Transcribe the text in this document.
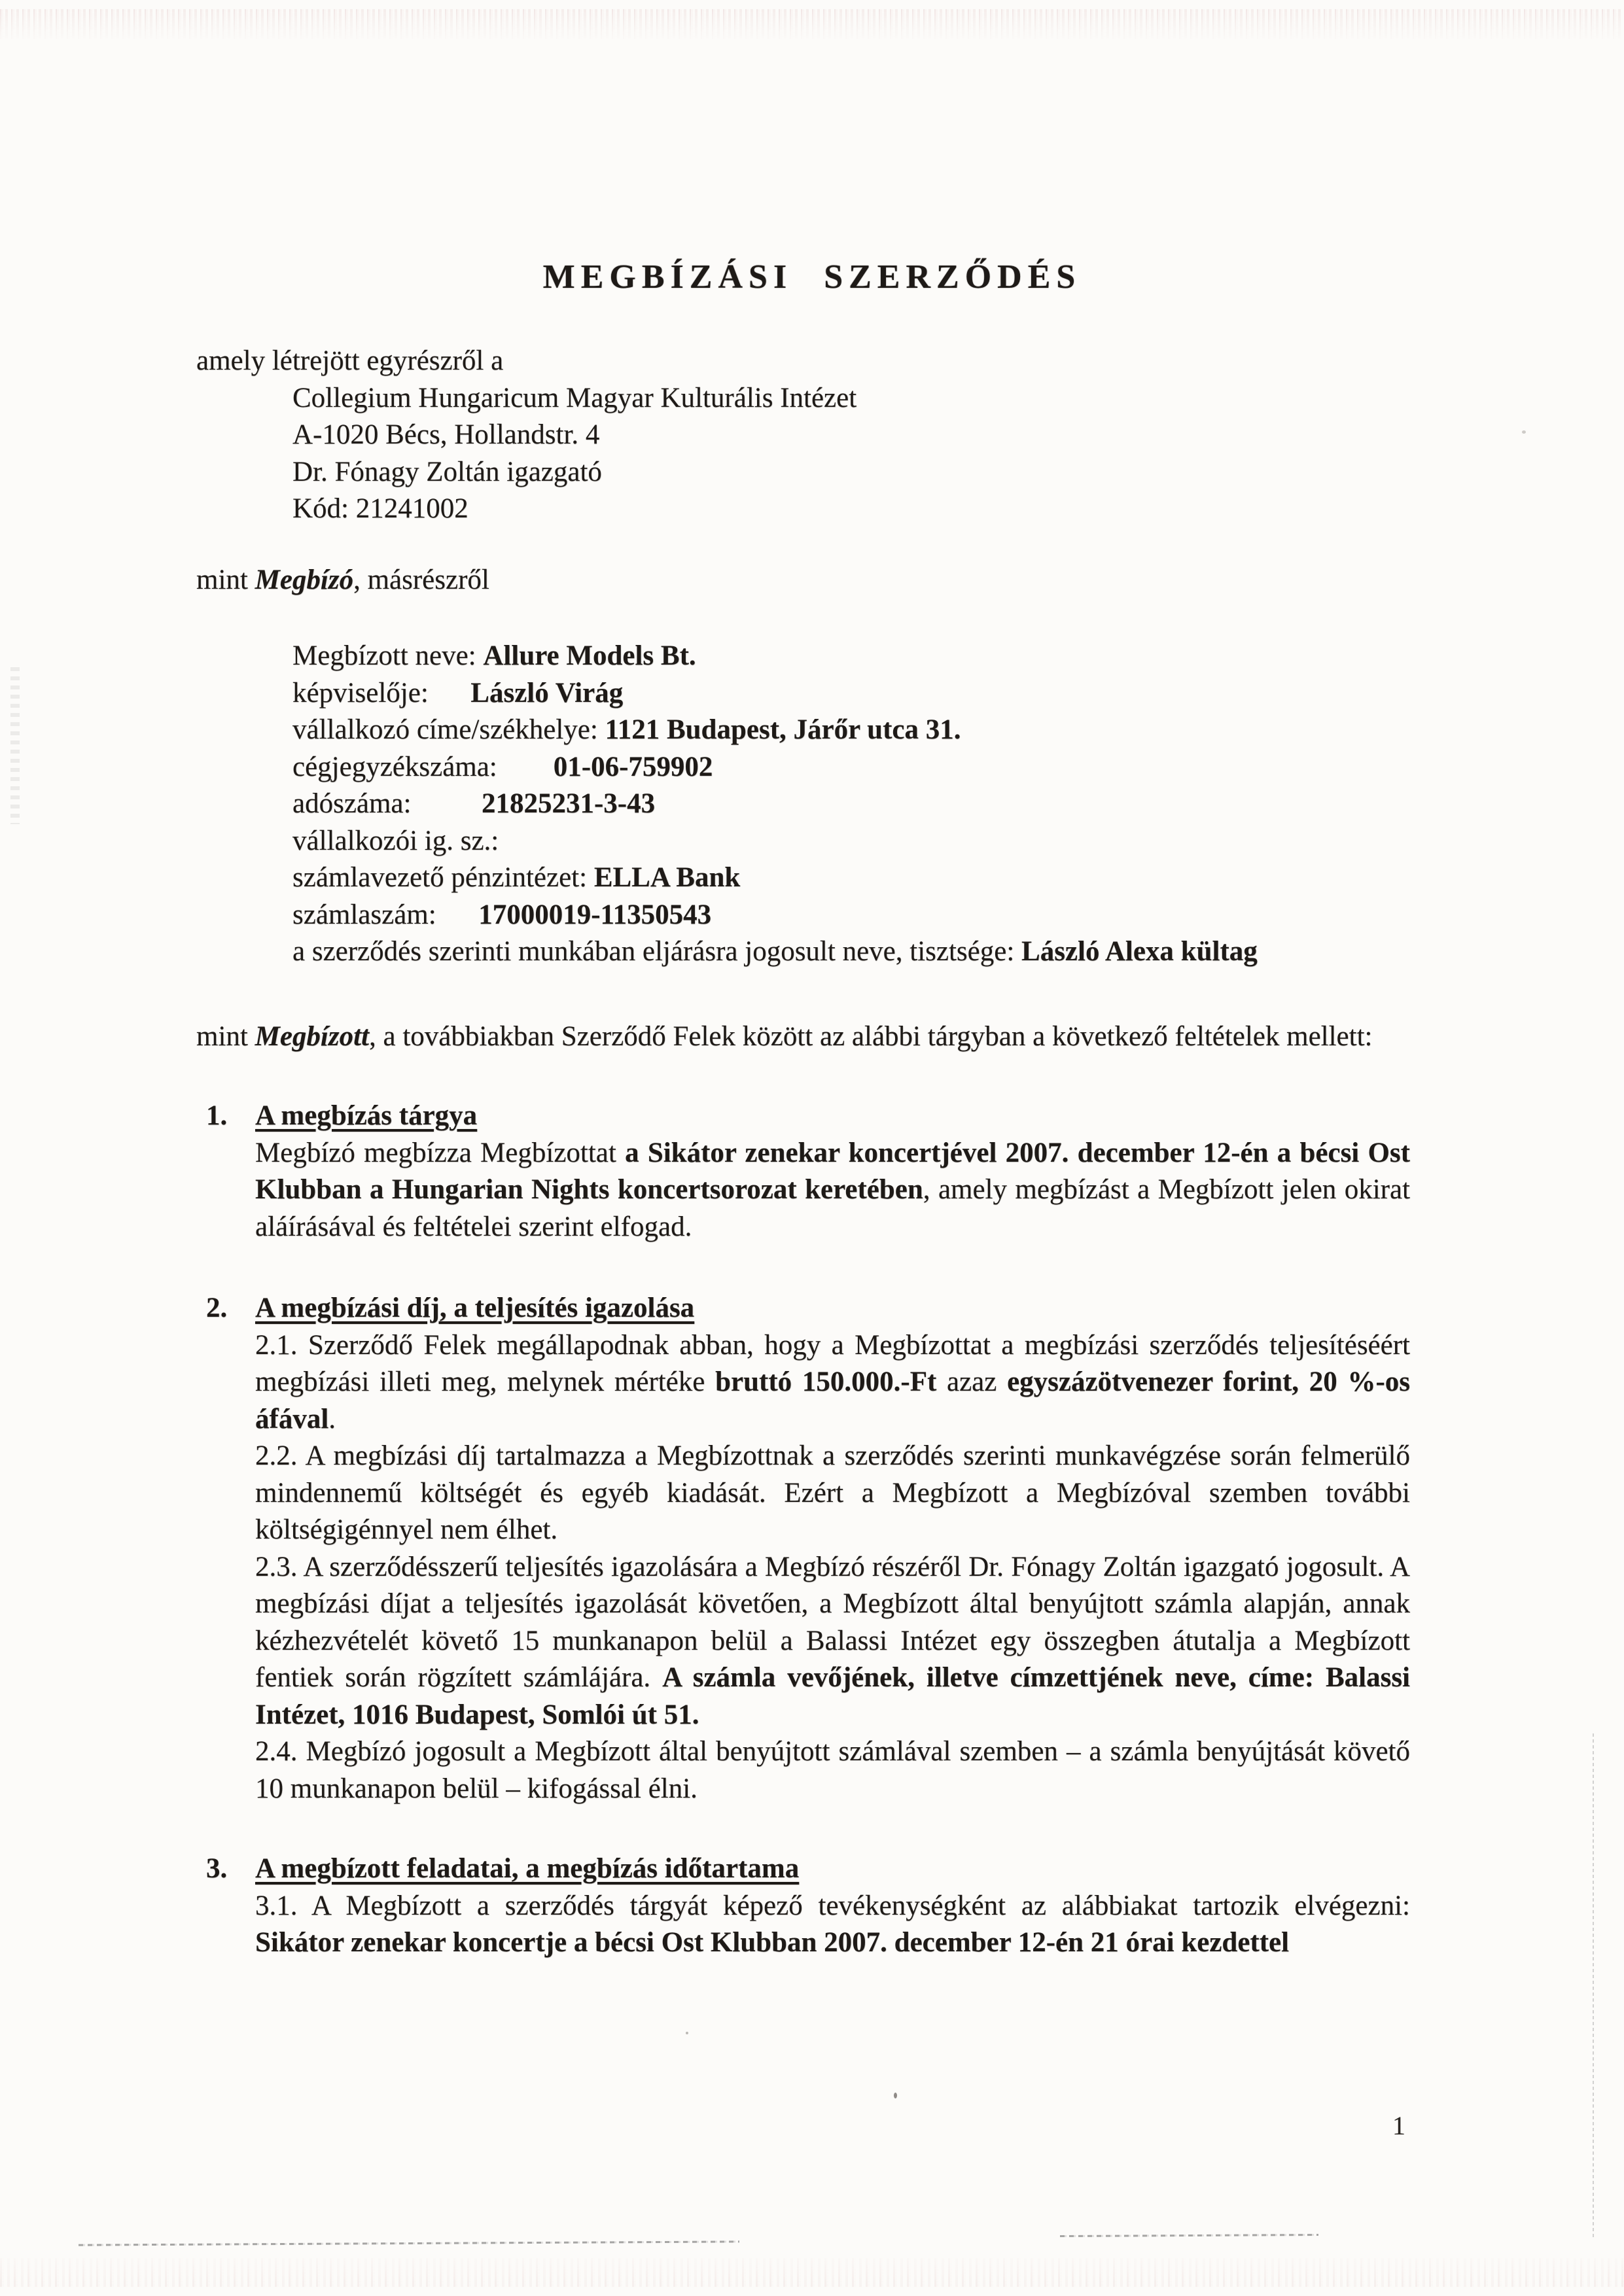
MEGBÍZÁSI SZERZŐDÉS
amely létrejött egyrészről a
Collegium Hungaricum Magyar Kulturális Intézet
A-1020 Bécs, Hollandstr. 4
Dr. Fónagy Zoltán igazgató
Kód: 21241002
mint Megbízó, másrészről
Megbízott neve: Allure Models Bt.
képviselője:      László Virág
vállalkozó címe/székhelye: 1121 Budapest, Járőr utca 31.
cégjegyzékszáma:        01-06-759902
adószáma:          21825231-3-43
vállalkozói ig. sz.:
számlavezető pénzintézet: ELLA Bank
számlaszám:      17000019-11350543
a szerződés szerinti munkában eljárásra jogosult neve, tisztsége: László Alexa kültag
mint Megbízott, a továbbiakban Szerződő Felek között az alábbi tárgyban a következő feltételek mellett:
1. A megbízás tárgya
Megbízó megbízza Megbízottat a Sikátor zenekar koncertjével 2007. december 12-én a bécsi Ost Klubban a Hungarian Nights koncertsorozat keretében, amely megbízást a Megbízott jelen okirat aláírásával és feltételei szerint elfogad.
2. A megbízási díj, a teljesítés igazolása
2.1. Szerződő Felek megállapodnak abban, hogy a Megbízottat a megbízási szerződés teljesítéséért megbízási illeti meg, melynek mértéke bruttó 150.000.-Ft azaz egyszázötvenezer forint, 20 %-os áfával.
2.2. A megbízási díj tartalmazza a Megbízottnak a szerződés szerinti munkavégzése során felmerülő mindennemű költségét és egyéb kiadását. Ezért a Megbízott a Megbízóval szemben további költségigénnyel nem élhet.
2.3. A szerződésszerű teljesítés igazolására a Megbízó részéről Dr. Fónagy Zoltán igazgató jogosult. A megbízási díjat a teljesítés igazolását követően, a Megbízott által benyújtott számla alapján, annak kézhezvételét követő 15 munkanapon belül a Balassi Intézet egy összegben átutalja a Megbízott fentiek során rögzített számlájára. A számla vevőjének, illetve címzettjének neve, címe: Balassi Intézet, 1016 Budapest, Somlói út 51.
2.4. Megbízó jogosult a Megbízott által benyújtott számlával szemben – a számla benyújtását követő 10 munkanapon belül – kifogással élni.
3. A megbízott feladatai, a megbízás időtartama
3.1. A Megbízott a szerződés tárgyát képező tevékenységként az alábbiakat tartozik elvégezni: Sikátor zenekar koncertje a bécsi Ost Klubban 2007. december 12-én 21 órai kezdettel
1
